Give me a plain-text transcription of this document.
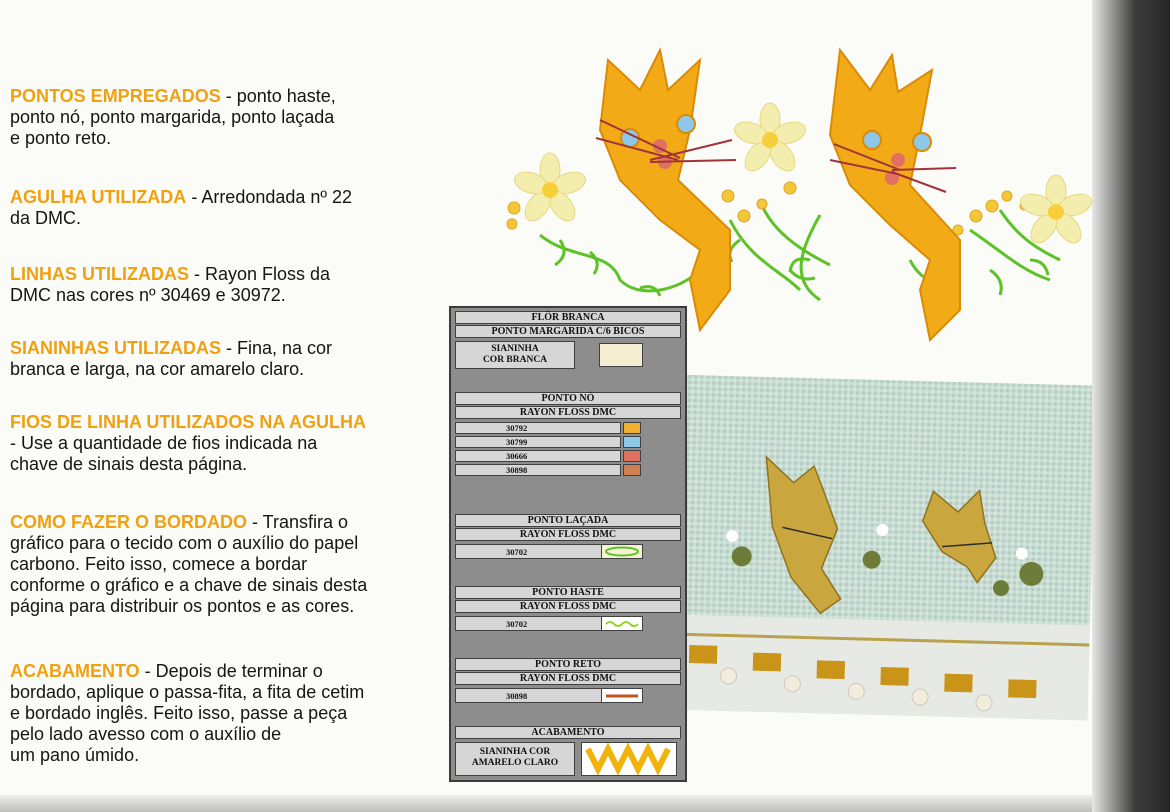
PONTOS EMPREGADOS - ponto haste,
ponto nó, ponto margarida, ponto laçada
e ponto reto.
AGULHA UTILIZADA - Arredondada nº 22
da DMC.
LINHAS UTILIZADAS - Rayon Floss da
DMC nas cores nº 30469 e 30972.
SIANINHAS UTILIZADAS - Fina, na cor
branca e larga, na cor amarelo claro.
FIOS DE LINHA UTILIZADOS NA AGULHA
- Use a quantidade de fios indicada na
chave de sinais desta página.
COMO FAZER O BORDADO - Transfira o
gráfico para o tecido com o auxílio do papel
carbono. Feito isso, comece a bordar
conforme o gráfico e a chave de sinais desta
página para distribuir os pontos e as cores.
ACABAMENTO - Depois de terminar o
bordado, aplique o passa-fita, a fita de cetim
e bordado inglês. Feito isso, passe a peça
pelo lado avesso com o auxílio de
um pano úmido.
FLÔR BRANCA
PONTO MARGARIDA C/6 BICOS
SIANINHA
COR BRANCA
PONTO NÓ
RAYON FLOSS DMC
30792
30799
30666
30898
PONTO LAÇADA
RAYON FLOSS DMC
30702
PONTO HASTE
RAYON FLOSS DMC
30702
PONTO RETO
RAYON FLOSS DMC
30898
ACABAMENTO
SIANINHA COR
AMARELO CLARO
